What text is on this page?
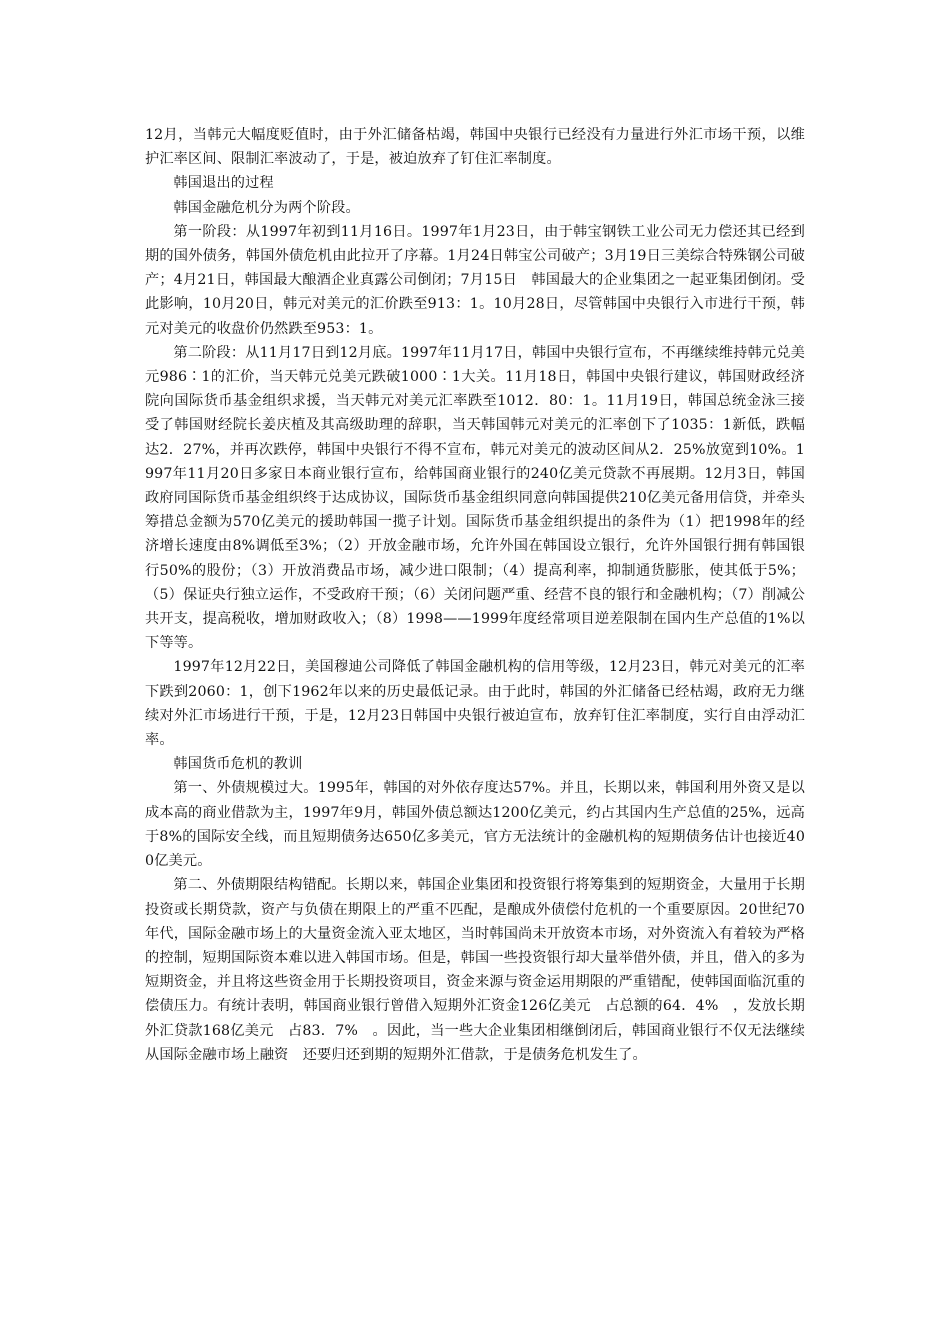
12月，当韩元大幅度贬值时，由于外汇储备枯竭，韩国中央银行已经没有力量进行外汇市场干预，以维护汇率区间、限制汇率波动了，于是，被迫放弃了钉住汇率制度。

韩国退出的过程

韩国金融危机分为两个阶段。

第一阶段：从1997年初到11月16日。1997年1月23日，由于韩宝钢铁工业公司无力偿还其已经到期的国外债务，韩国外债危机由此拉开了序幕。1月24日韩宝公司破产；3月19日三美综合特殊钢公司破产；4月21日，韩国最大酿酒企业真露公司倒闭；7月15日　韩国最大的企业集团之一起亚集团倒闭。受此影响，10月20日，韩元对美元的汇价跌至913：1。10月28日，尽管韩国中央银行入市进行干预，韩元对美元的收盘价仍然跌至953：1。

第二阶段：从11月17日到12月底。1997年11月17日，韩国中央银行宣布，不再继续维持韩元兑美元986∶1的汇价，当天韩元兑美元跌破1000∶1大关。11月18日，韩国中央银行建议，韩国财政经济院向国际货币基金组织求援，当天韩元对美元汇率跌至1012．80：1。11月19日，韩国总统金泳三接受了韩国财经院长姜庆植及其高级助理的辞职，当天韩国韩元对美元的汇率创下了1035：1新低，跌幅达2．27%，并再次跌停，韩国中央银行不得不宣布，韩元对美元的波动区间从2．25%放宽到10%。1997年11月20日多家日本商业银行宣布，给韩国商业银行的240亿美元贷款不再展期。12月3日，韩国政府同国际货币基金组织终于达成协议，国际货币基金组织同意向韩国提供210亿美元备用信贷，并牵头筹措总金额为570亿美元的援助韩国一揽子计划。国际货币基金组织提出的条件为（1）把1998年的经济增长速度由8%调低至3%；（2）开放金融市场，允许外国在韩国设立银行，允许外国银行拥有韩国银行50%的股份；（3）开放消费品市场，减少进口限制；（4）提高利率，抑制通货膨胀，使其低于5%；（5）保证央行独立运作，不受政府干预；（6）关闭问题严重、经营不良的银行和金融机构；（7）削减公共开支，提高税收，增加财政收入；（8）1998——1999年度经常项目逆差限制在国内生产总值的1%以下等等。

1997年12月22日，美国穆迪公司降低了韩国金融机构的信用等级，12月23日，韩元对美元的汇率下跌到2060：1，创下1962年以来的历史最低记录。由于此时，韩国的外汇储备已经枯竭，政府无力继续对外汇市场进行干预，于是，12月23日韩国中央银行被迫宣布，放弃钉住汇率制度，实行自由浮动汇率。

韩国货币危机的教训

第一、外债规模过大。1995年，韩国的对外依存度达57%。并且，长期以来，韩国利用外资又是以成本高的商业借款为主，1997年9月，韩国外债总额达1200亿美元，约占其国内生产总值的25%，远高于8%的国际安全线，而且短期债务达650亿多美元，官方无法统计的金融机构的短期债务估计也接近400亿美元。

第二、外债期限结构错配。长期以来，韩国企业集团和投资银行将筹集到的短期资金，大量用于长期投资或长期贷款，资产与负债在期限上的严重不匹配，是酿成外债偿付危机的一个重要原因。20世纪70年代，国际金融市场上的大量资金流入亚太地区，当时韩国尚未开放资本市场，对外资流入有着较为严格的控制，短期国际资本难以进入韩国市场。但是，韩国一些投资银行却大量举借外债，并且，借入的多为短期资金，并且将这些资金用于长期投资项目，资金来源与资金运用期限的严重错配，使韩国面临沉重的偿债压力。有统计表明，韩国商业银行曾借入短期外汇资金126亿美元　占总额的64．4%　，发放长期外汇贷款168亿美元　占83．7%　。因此，当一些大企业集团相继倒闭后，韩国商业银行不仅无法继续从国际金融市场上融资　还要归还到期的短期外汇借款，于是债务危机发生了。
